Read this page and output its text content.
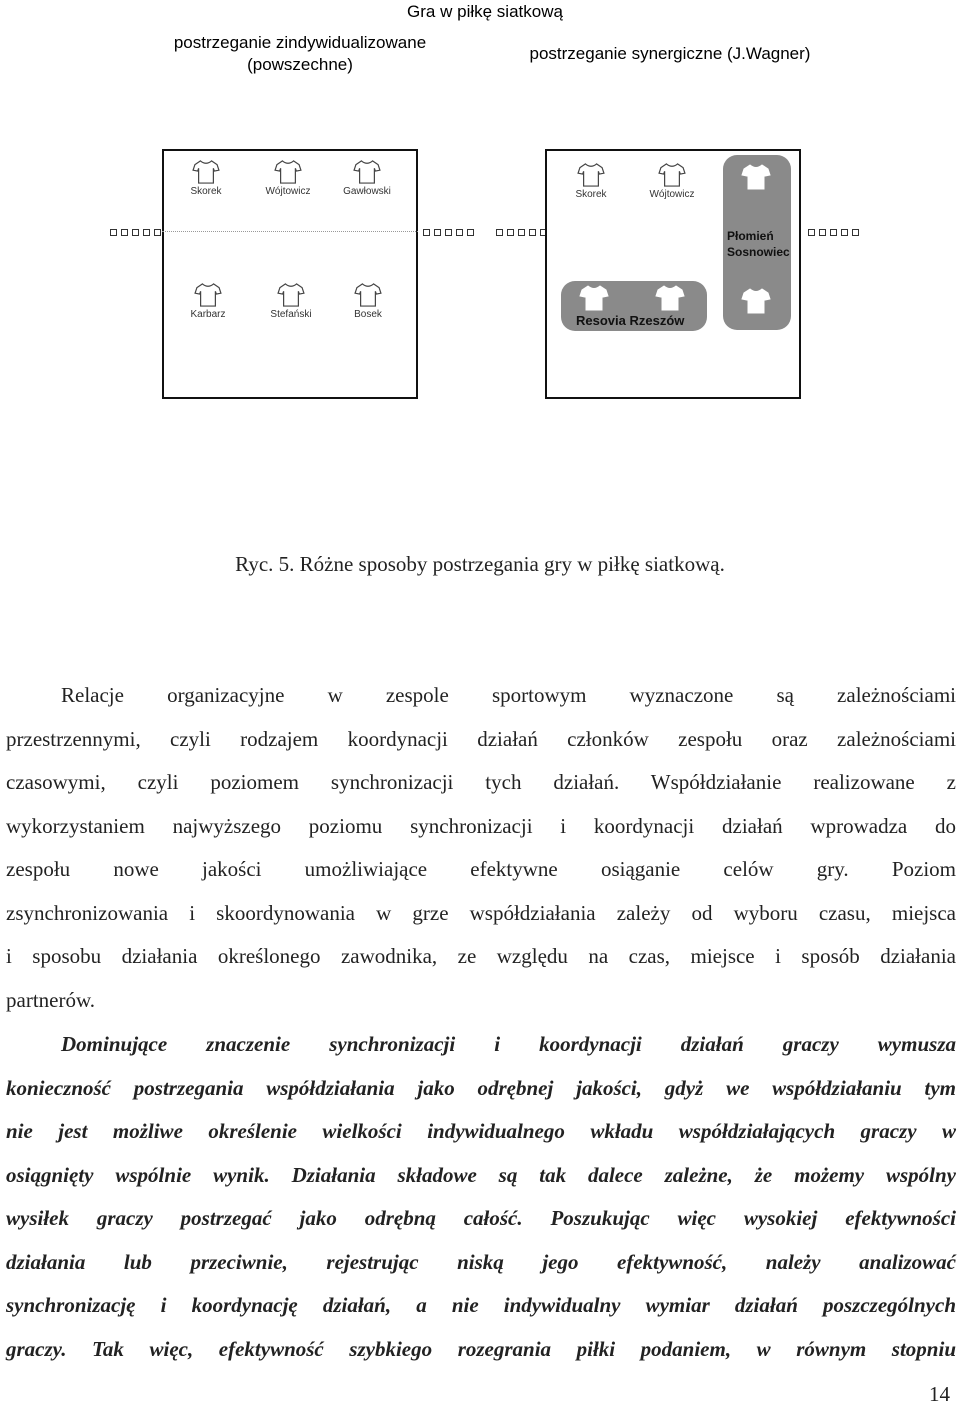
Gra w piłkę siatkową
postrzeganie zindywidualizowane
(powszechne)
postrzeganie synergiczne (J.Wagner)
Skorek	Wójtowicz	Gawłowski
Karbarz	Stefański	Bosek
Skorek	Wójtowicz
Płomień
Sosnowiec
Resovia Rzeszów
Ryc. 5. Różne sposoby postrzegania gry w piłkę siatkową.
Relacje organizacyjne w zespole sportowym wyznaczone są zależnościami
przestrzennymi, czyli rodzajem koordynacji działań członków zespołu oraz zależnościami
czasowymi, czyli poziomem synchronizacji tych działań. Współdziałanie realizowane z
wykorzystaniem najwyższego poziomu synchronizacji i koordynacji działań wprowadza do
zespołu nowe jakości umożliwiające efektywne osiąganie celów gry. Poziom
zsynchronizowania i skoordynowania w grze współdziałania zależy od wyboru czasu, miejsca
i sposobu działania określonego zawodnika, ze względu na czas, miejsce i sposób działania
partnerów.
Dominujące znaczenie synchronizacji i koordynacji działań graczy wymusza
konieczność postrzegania współdziałania jako odrębnej jakości, gdyż we współdziałaniu tym
nie jest możliwe określenie wielkości indywidualnego wkładu współdziałających graczy w
osiągnięty wspólnie wynik. Działania składowe są tak dalece zależne, że możemy wspólny
wysiłek graczy postrzegać jako odrębną całość. Poszukując więc wysokiej efektywności
działania lub przeciwnie, rejestrując niską jego efektywność, należy analizować
synchronizację i koordynację działań, a nie indywidualny wymiar działań poszczególnych
graczy. Tak więc, efektywność szybkiego rozegrania piłki podaniem, w równym stopniu
14
